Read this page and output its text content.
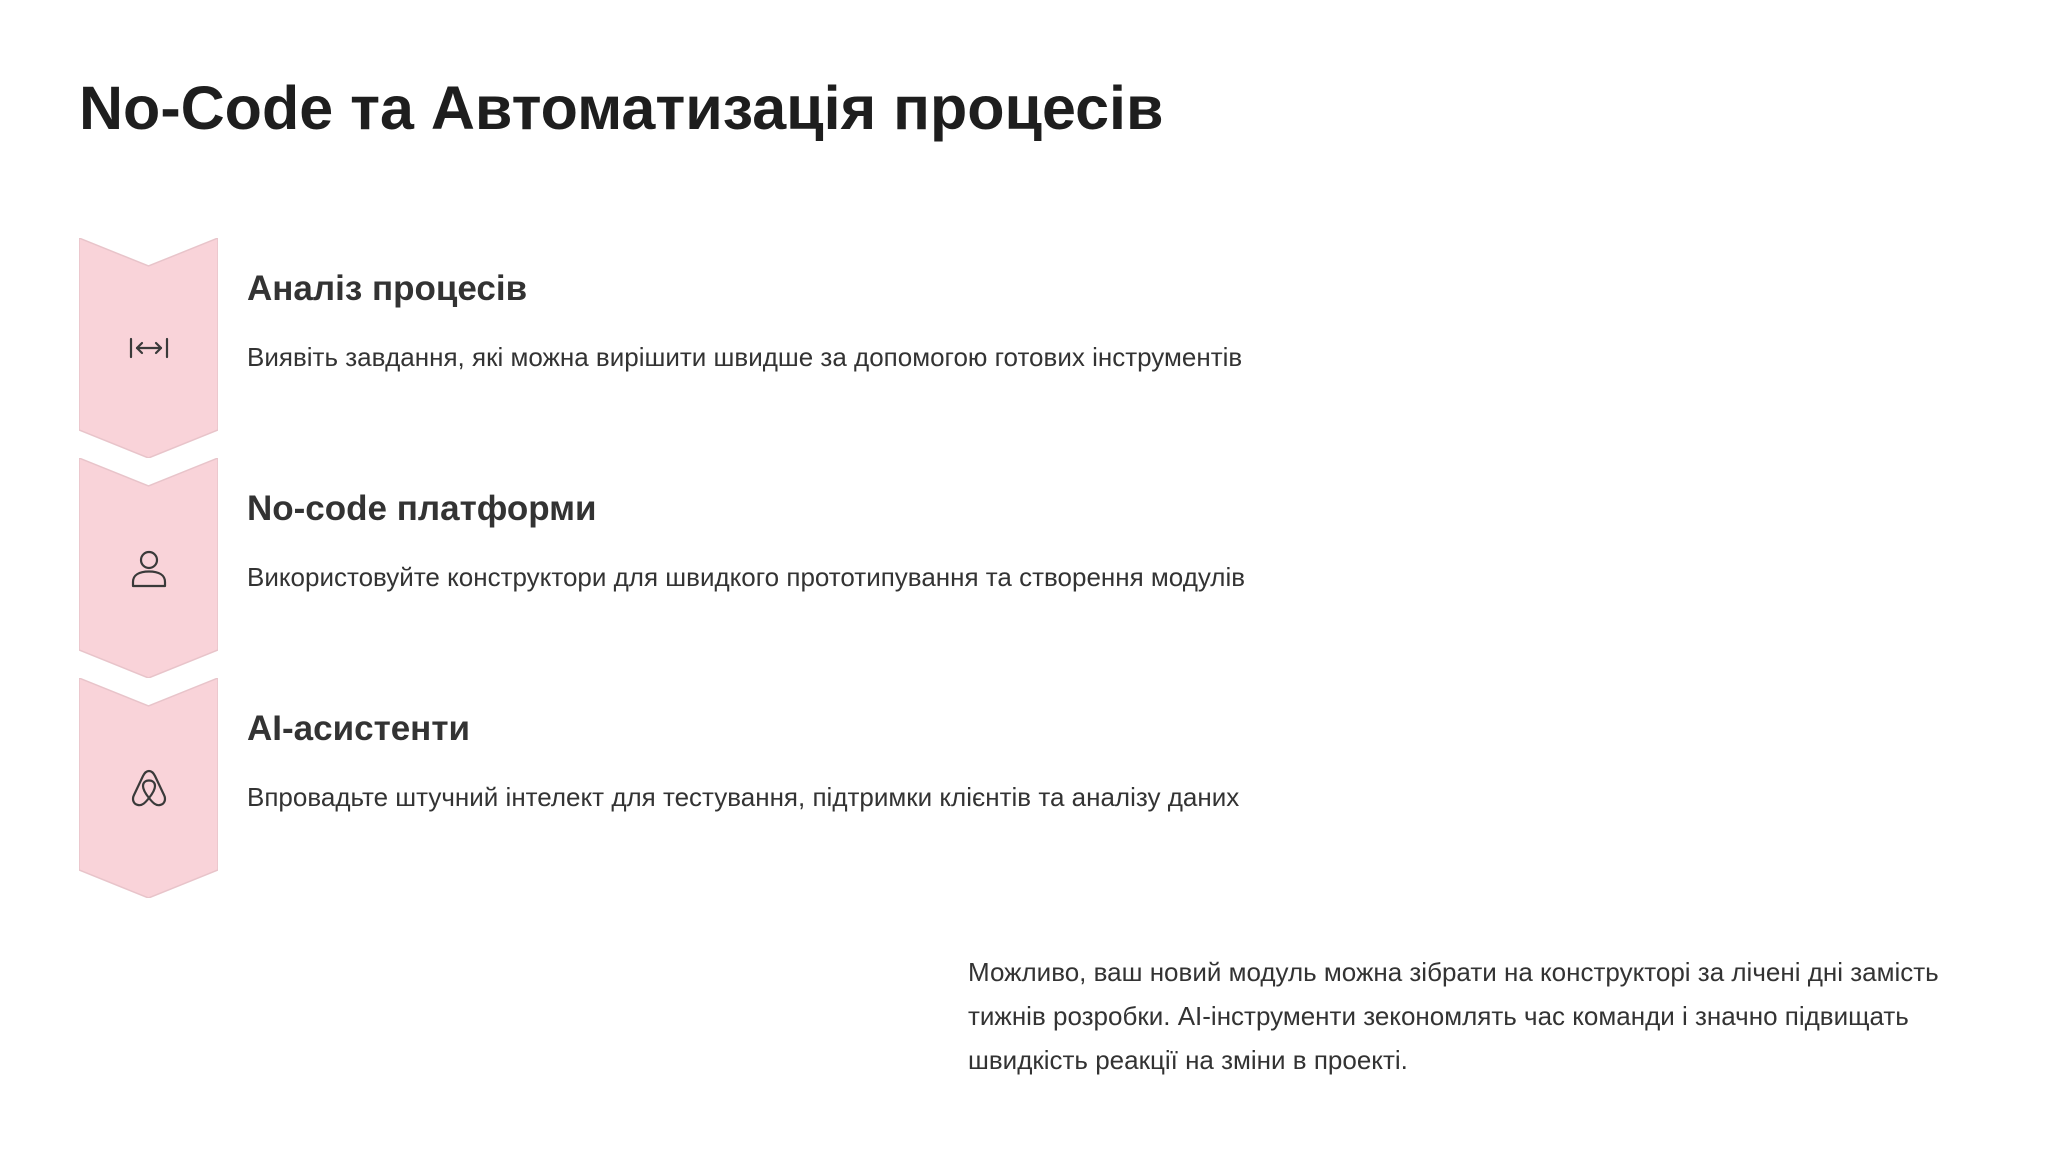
No-Code та Автоматизація процесів
Аналіз процесів

Виявіть завдання, які можна вирішити швидше за допомогою готових інструментів

No-code платформи

Використовуйте конструктори для швидкого прототипування та створення модулів

AI-асистенти

Впровадьте штучний інтелект для тестування, підтримки клієнтів та аналізу даних

Можливо, ваш новий модуль можна зібрати на конструкторі за лічені дні замість тижнів розробки. AI-інструменти зекономлять час команди і значно підвищать швидкість реакції на зміни в проекті.
